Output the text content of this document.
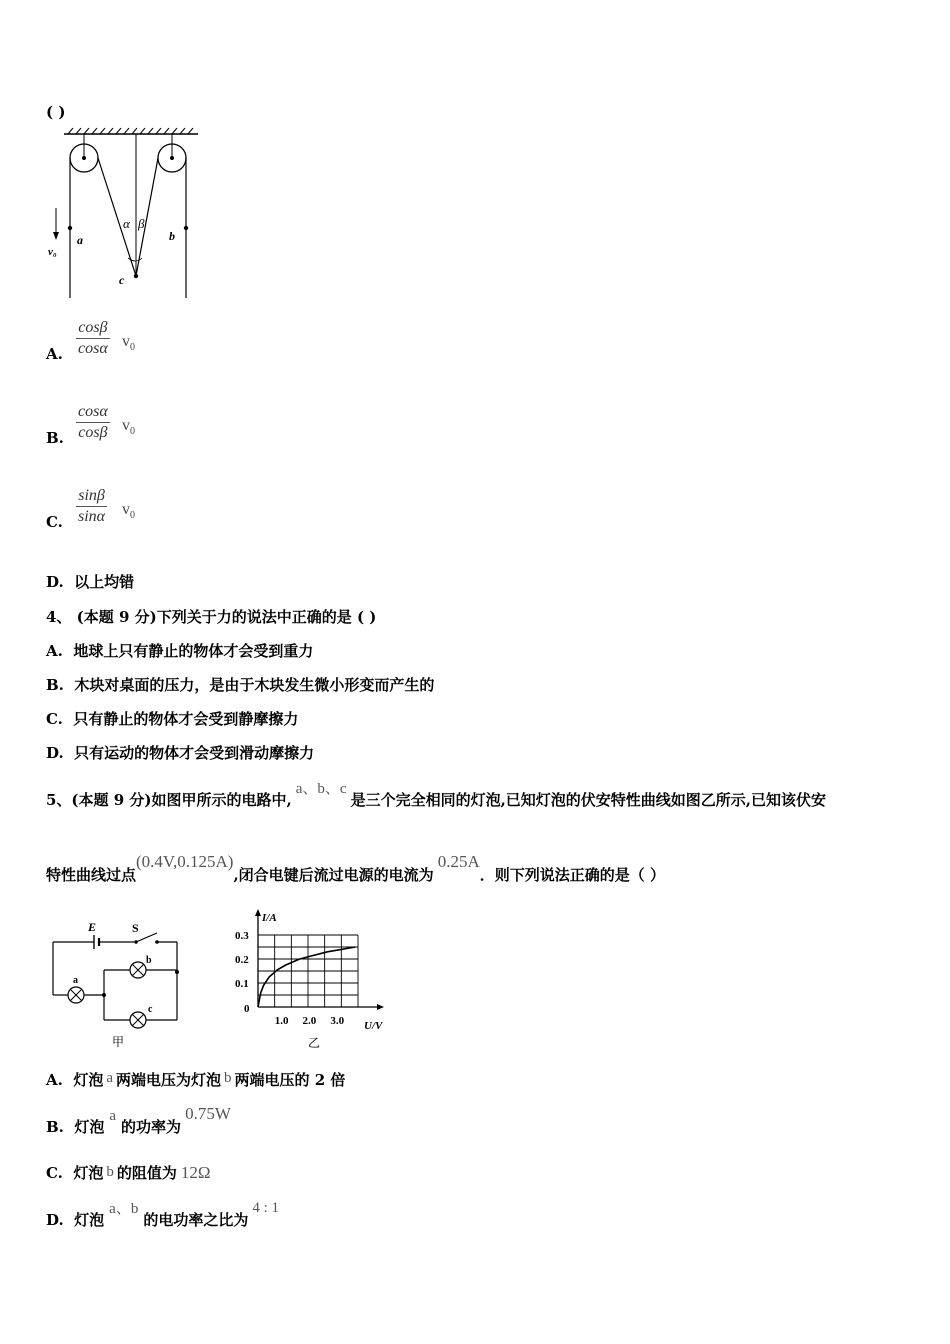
( )
v₀
a	b
c
α β
A.
cosβ
cosα $v_0$
B.
cosα
cosβ $v_0$
C.
sinβ
sinα $v_0$
D. 以上均错
4、 (本题 9 分)下列关于力的说法中正确的是 ( )
A. 地球上只有静止的物体才会受到重力
B. 木块对桌面的压力，是由于木块发生微小形变而产生的
C. 只有静止的物体才会受到静摩擦力
D. 只有运动的物体才会受到滑动摩擦力
5、(本题 9 分)如图甲所示的电路中,a、b、c是三个完全相同的灯泡,已知灯泡的伏安特性曲线如图乙所示,已知该伏安
特性曲线过点(0.4V,0.125A),闭合电键后流过电源的电流为0.25A．则下列说法正确的是（ ）
E	S
a
b
c
甲
I/A
U/V
0.3
0.2
0.1
0
1.0 2.0 3.0
乙
A. 灯泡 a 两端电压为灯泡 b 两端电压的 2 倍
B. 灯泡a的功率为0.75W
C. 灯泡 b 的阻值为 12Ω
D. 灯泡a、b的电功率之比为4 : 1
